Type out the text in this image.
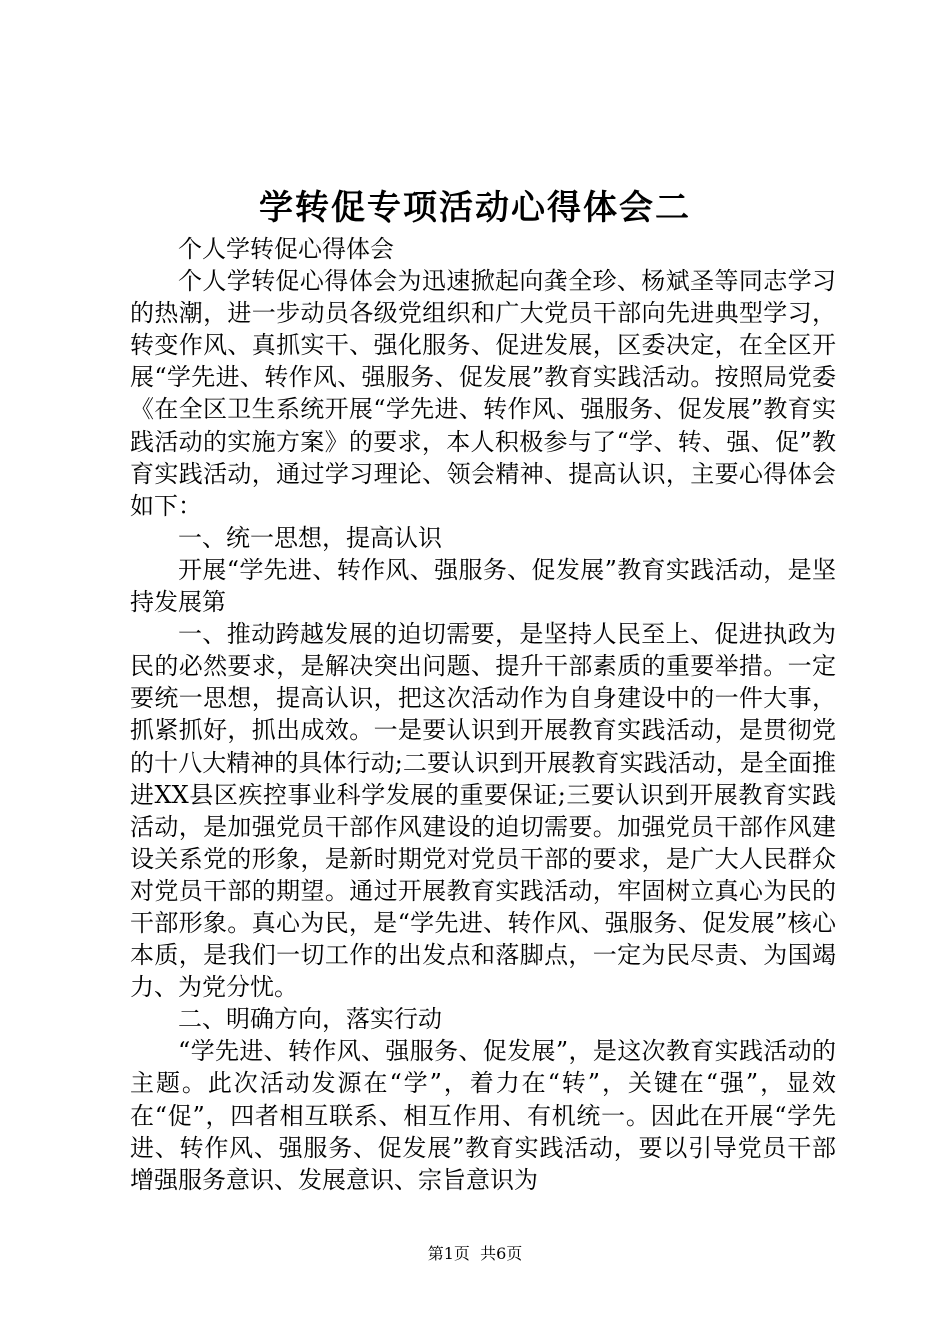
学转促专项活动心得体会二

个人学转促心得体会

个人学转促心得体会为迅速掀起向龚全珍、杨斌圣等同志学习的热潮，进一步动员各级党组织和广大党员干部向先进典型学习，转变作风、真抓实干、强化服务、促进发展，区委决定，在全区开展“学先进、转作风、强服务、促发展”教育实践活动。按照局党委《在全区卫生系统开展“学先进、转作风、强服务、促发展”教育实践活动的实施方案》的要求，本人积极参与了“学、转、强、促”教育实践活动，通过学习理论、领会精神、提高认识，主要心得体会如下：

一、统一思想，提高认识

开展“学先进、转作风、强服务、促发展”教育实践活动，是坚持发展第

一、推动跨越发展的迫切需要，是坚持人民至上、促进执政为民的必然要求，是解决突出问题、提升干部素质的重要举措。一定要统一思想，提高认识，把这次活动作为自身建设中的一件大事，抓紧抓好，抓出成效。一是要认识到开展教育实践活动，是贯彻党的十八大精神的具体行动;二要认识到开展教育实践活动，是全面推进XX县区疾控事业科学发展的重要保证;三要认识到开展教育实践活动，是加强党员干部作风建设的迫切需要。加强党员干部作风建设关系党的形象，是新时期党对党员干部的要求，是广大人民群众对党员干部的期望。通过开展教育实践活动，牢固树立真心为民的干部形象。真心为民，是“学先进、转作风、强服务、促发展”核心本质，是我们一切工作的出发点和落脚点，一定为民尽责、为国竭力、为党分忧。

二、明确方向，落实行动

“学先进、转作风、强服务、促发展”，是这次教育实践活动的主题。此次活动发源在“学”，着力在“转”，关键在“强”，显效在“促”，四者相互联系、相互作用、有机统一。因此在开展“学先进、转作风、强服务、促发展”教育实践活动，要以引导党员干部增强服务意识、发展意识、宗旨意识为

第1页  共6页
